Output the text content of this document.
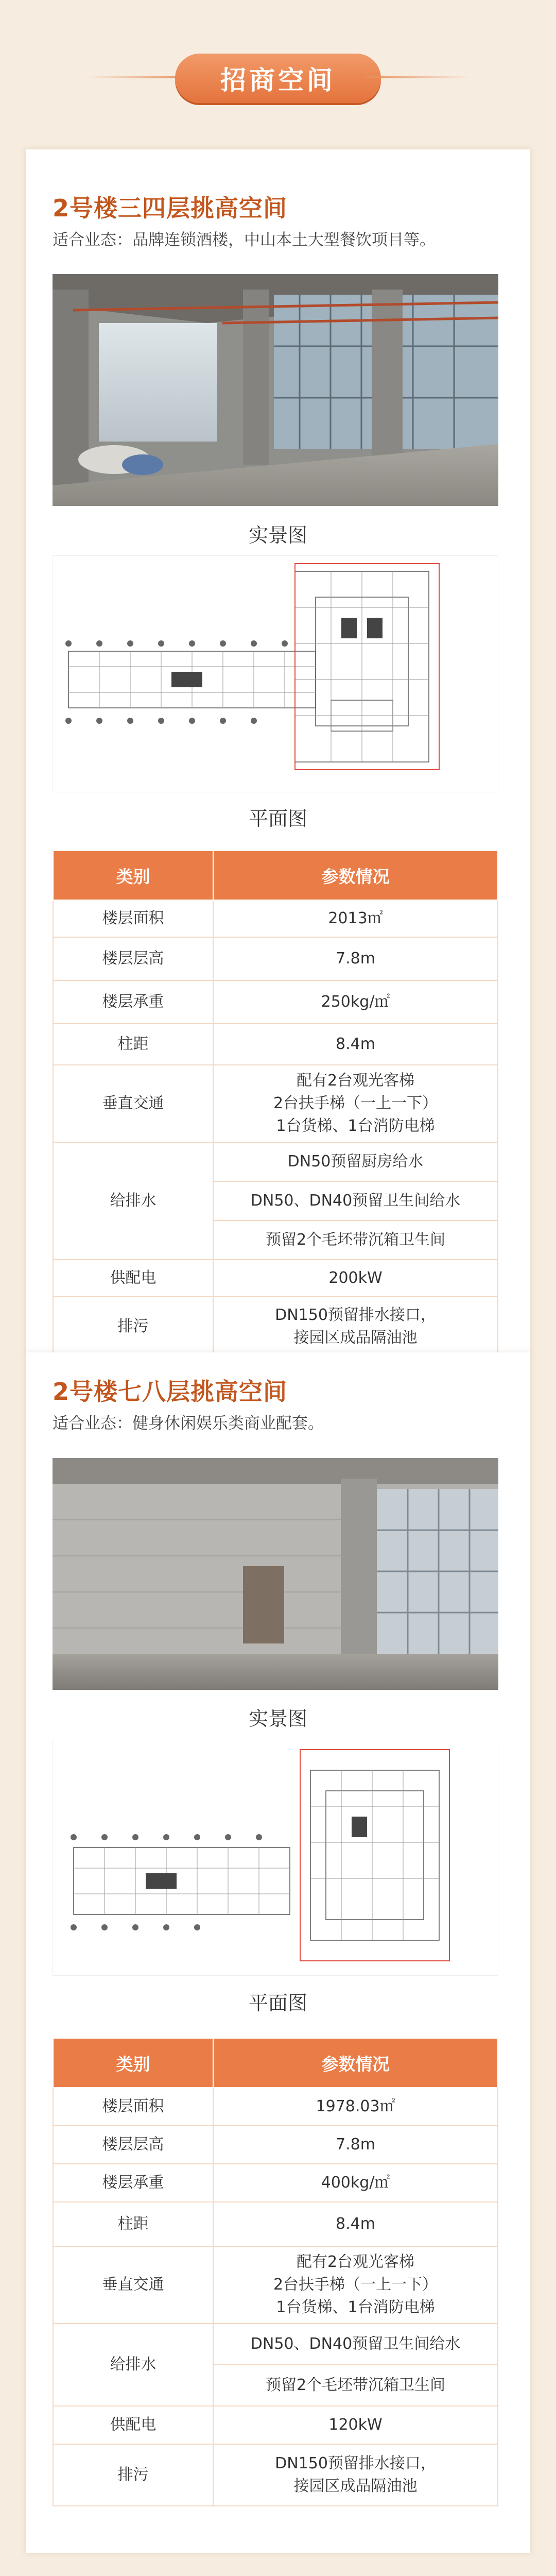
招商空间
2号楼三四层挑高空间
适合业态：品牌连锁酒楼，中山本土大型餐饮项目等。
实景图
平面图
类别	参数情况
楼层面积	2013㎡
楼层层高	7.8m
楼层承重	250kg/㎡
柱距	8.4m
垂直交通	配有2台观光客梯
2台扶手梯（一上一下）
1台货梯、1台消防电梯

给排水	DN50预留厨房给水
	DN50、DN40预留卫生间给水
	预留2个毛坯带沉箱卫生间
供配电	200kW
排污	DN150预留排水接口，
接园区成品隔油池
2号楼七八层挑高空间
适合业态：健身休闲娱乐类商业配套。
实景图
平面图
类别	参数情况
楼层面积	1978.03㎡
楼层层高	7.8m
楼层承重	400kg/㎡
柱距	8.4m
垂直交通	配有2台观光客梯
2台扶手梯（一上一下）
1台货梯、1台消防电梯

给排水	DN50、DN40预留卫生间给水
	预留2个毛坯带沉箱卫生间
供配电	120kW
排污	DN150预留排水接口，
接园区成品隔油池
